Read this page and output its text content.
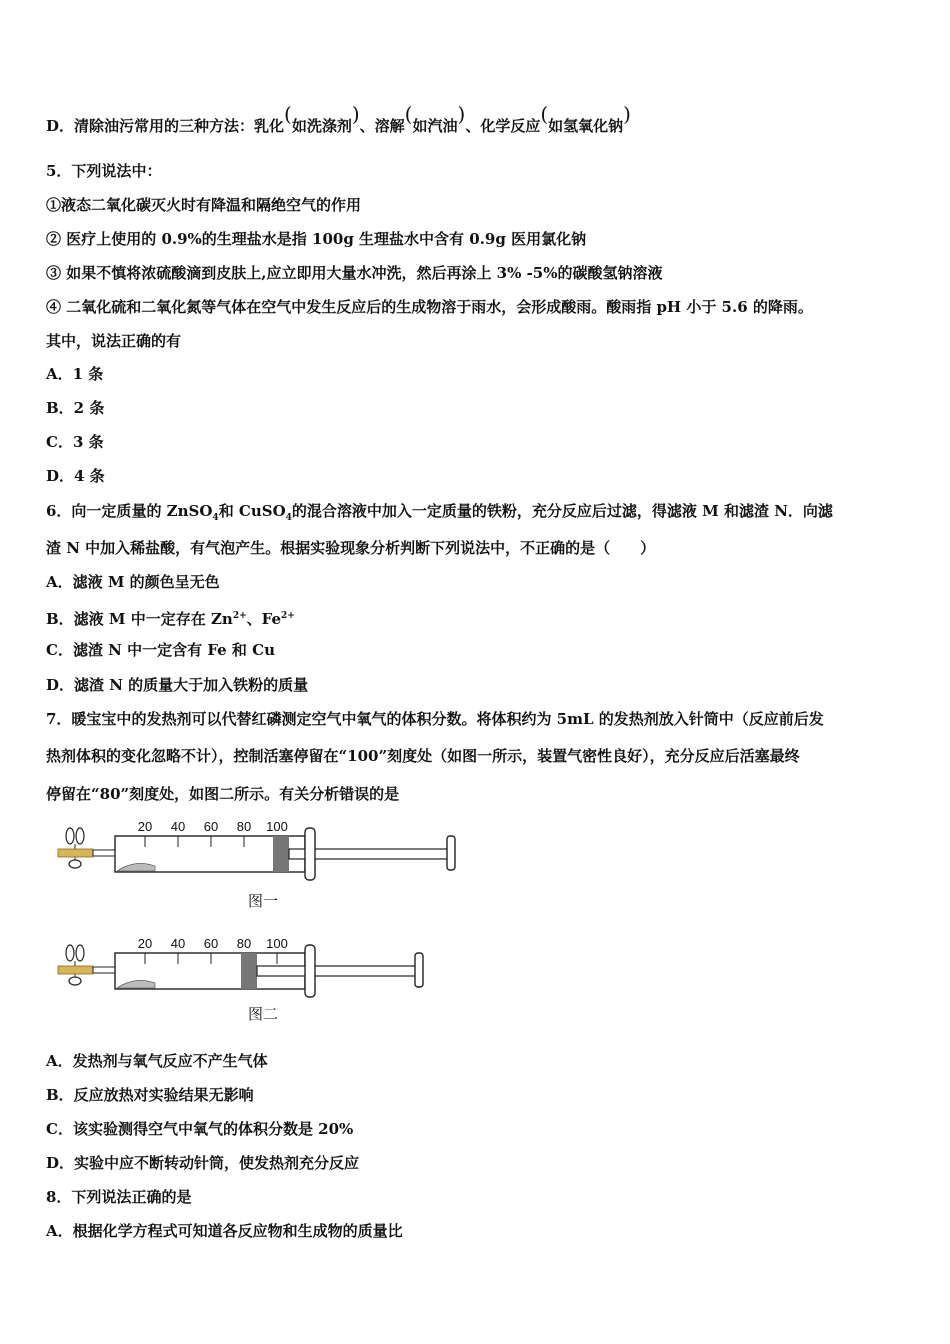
D．清除油污常用的三种方法：乳化(如洗涤剂)、溶解(如汽油)、化学反应(如氢氧化钠)

5．下列说法中：

①液态二氧化碳灭火时有降温和隔绝空气的作用

② 医疗上使用的 0.9%的生理盐水是指 100g 生理盐水中含有 0.9g 医用氯化钠

③ 如果不慎将浓硫酸滴到皮肤上,应立即用大量水冲洗，然后再涂上 3% -5%的碳酸氢钠溶液

④ 二氧化硫和二氧化氮等气体在空气中发生反应后的生成物溶于雨水，会形成酸雨。酸雨指 pH 小于 5.6 的降雨。

其中，说法正确的有

A．1 条

B．2 条

C．3 条

D．4 条

6．向一定质量的 ZnSO$_4$和 CuSO$_4$的混合溶液中加入一定质量的铁粉，充分反应后过滤，得滤液 M 和滤渣 N．向滤

渣 N 中加入稀盐酸，有气泡产生。根据实验现象分析判断下列说法中，不正确的是（　　）

A．滤液 M 的颜色呈无色

B．滤液 M 中一定存在 $Zn^{2+}$、$Fe^{2+}$

C．滤渣 N 中一定含有 Fe 和 Cu

D．滤渣 N 的质量大于加入铁粉的质量

7．暖宝宝中的发热剂可以代替红磷测定空气中氧气的体积分数。将体积约为 5mL 的发热剂放入针筒中（反应前后发

热剂体积的变化忽略不计），控制活塞停留在“100”刻度处（如图一所示，装置气密性良好），充分反应后活塞最终

停留在“80”刻度处，如图二所示。有关分析错误的是

20 40 60 80 100
图一
20 40 60 80 100
图二

A．发热剂与氧气反应不产生气体

B．反应放热对实验结果无影响

C．该实验测得空气中氧气的体积分数是 20%

D．实验中应不断转动针筒，使发热剂充分反应

8．下列说法正确的是

A．根据化学方程式可知道各反应物和生成物的质量比
